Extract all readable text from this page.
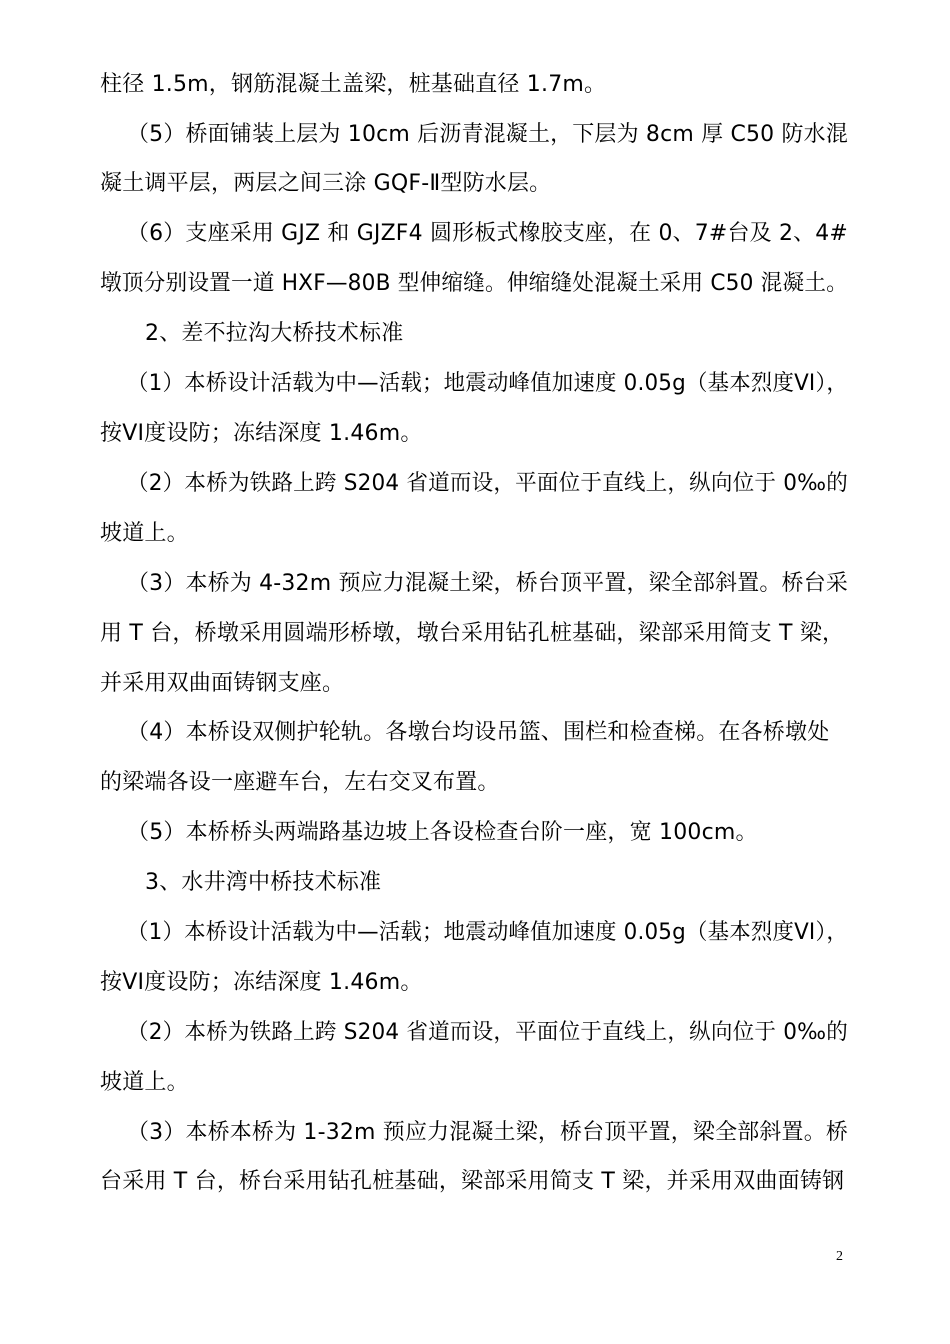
柱径 1.5m，钢筋混凝土盖梁，桩基础直径 1.7m。
（5）桥面铺装上层为 10cm 后沥青混凝土，下层为 8cm 厚 C50 防水混
凝土调平层，两层之间三涂 GQF-Ⅱ型防水层。
（6）支座采用 GJZ 和 GJZF4 圆形板式橡胶支座，在 0、7#台及 2、4#
墩顶分别设置一道 HXF—80B 型伸缩缝。伸缩缝处混凝土采用 C50 混凝土。
2、差不拉沟大桥技术标准
（1）本桥设计活载为中—活载；地震动峰值加速度 0.05g（基本烈度VI），
按VI度设防；冻结深度 1.46m。
（2）本桥为铁路上跨 S204 省道而设，平面位于直线上，纵向位于 0‰的
坡道上。
（3）本桥为 4-32m 预应力混凝土梁，桥台顶平置，梁全部斜置。桥台采
用 T 台，桥墩采用圆端形桥墩，墩台采用钻孔桩基础，梁部采用简支 T 梁，
并采用双曲面铸钢支座。
（4）本桥设双侧护轮轨。各墩台均设吊篮、围栏和检查梯。在各桥墩处
的梁端各设一座避车台，左右交叉布置。
（5）本桥桥头两端路基边坡上各设检查台阶一座，宽 100cm。
3、水井湾中桥技术标准
（1）本桥设计活载为中—活载；地震动峰值加速度 0.05g（基本烈度VI），
按VI度设防；冻结深度 1.46m。
（2）本桥为铁路上跨 S204 省道而设，平面位于直线上，纵向位于 0‰的
坡道上。
（3）本桥本桥为 1-32m 预应力混凝土梁，桥台顶平置，梁全部斜置。桥
台采用 T 台，桥台采用钻孔桩基础，梁部采用简支 T 梁，并采用双曲面铸钢
2
